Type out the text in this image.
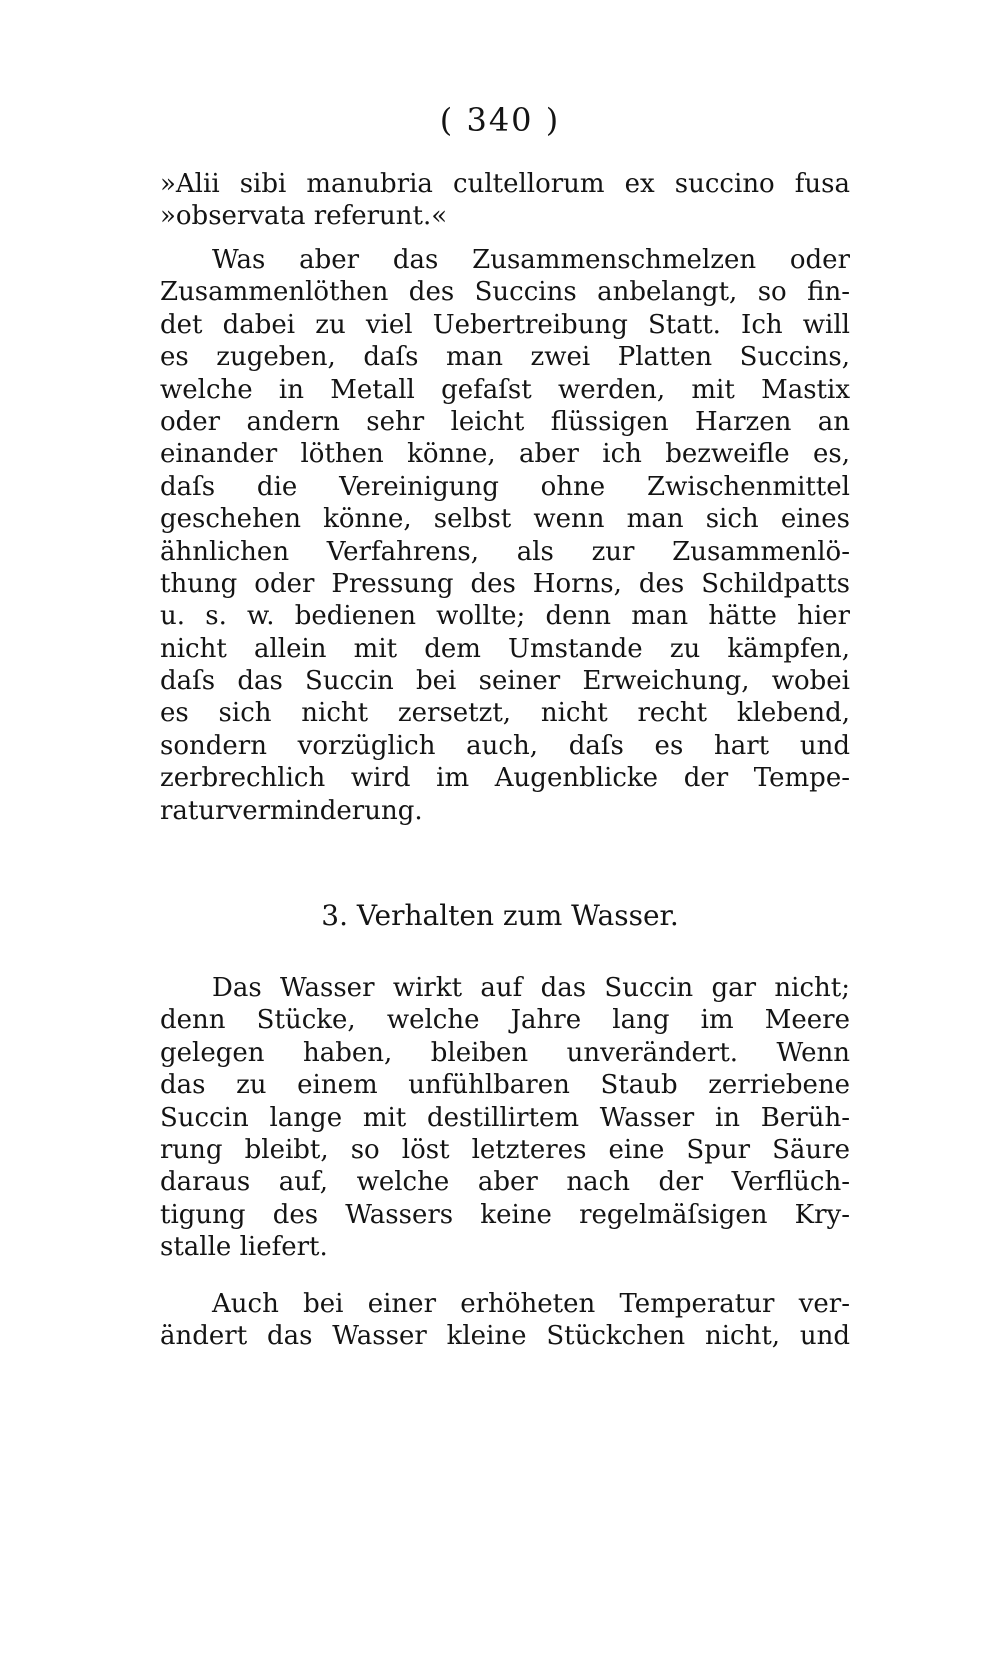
( 340 )
»Alii sibi manubria cultellorum ex succino fusa
»observata referunt.«
Was aber das Zusammenschmelzen oder
Zusammenlöthen des Succins anbelangt, so fin-
det dabei zu viel Uebertreibung Statt. Ich will
es zugeben, daſs man zwei Platten Succins,
welche in Metall gefaſst werden, mit Mastix
oder andern sehr leicht flüssigen Harzen an
einander löthen könne, aber ich bezweifle es,
daſs die Vereinigung ohne Zwischenmittel
geschehen könne, selbst wenn man sich eines
ähnlichen Verfahrens, als zur Zusammenlö-
thung oder Pressung des Horns, des Schildpatts
u. s. w. bedienen wollte; denn man hätte hier
nicht allein mit dem Umstande zu kämpfen,
daſs das Succin bei seiner Erweichung, wobei
es sich nicht zersetzt, nicht recht klebend,
sondern vorzüglich auch, daſs es hart und
zerbrechlich wird im Augenblicke der Tempe-
raturverminderung.
3. Verhalten zum Wasser.
Das Wasser wirkt auf das Succin gar nicht;
denn Stücke, welche Jahre lang im Meere
gelegen haben, bleiben unverändert. Wenn
das zu einem unfühlbaren Staub zerriebene
Succin lange mit destillirtem Wasser in Berüh-
rung bleibt, so löst letzteres eine Spur Säure
daraus auf, welche aber nach der Verflüch-
tigung des Wassers keine regelmäſsigen Kry-
stalle liefert.
Auch bei einer erhöheten Temperatur ver-
ändert das Wasser kleine Stückchen nicht, und
